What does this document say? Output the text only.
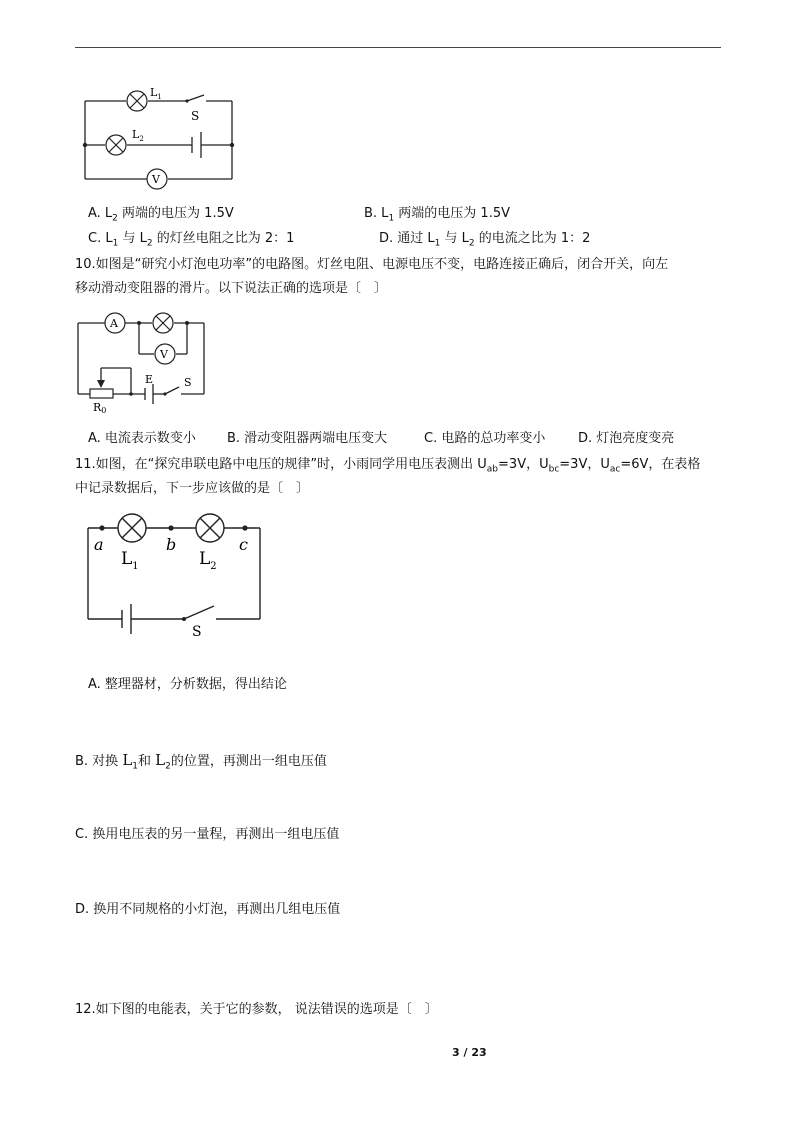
V
$L_1$
S
$L_2$
A. $L_2$ 两端的电压为 1.5V	B. $L_1$ 两端的电压为 1.5V
C. $L_1$ 与 $L_2$ 的灯丝电阻之比为 2：1	D. 通过 $L_1$ 与 $L_2$ 的电流之比为 1：2
10.如图是“研究小灯泡电功率”的电路图。灯丝电阻、电源电压不变，电路连接正确后，闭合开关，向左
移动滑动变阻器的滑片。以下说法正确的选项是〔　〕
A
V
E	S
R0
A. 电流表示数变小 B. 滑动变阻器两端电压变大	C. 电路的总功率变小	D. 灯泡亮度变亮
11.如图，在“探究串联电路中电压的规律”时，小雨同学用电压表测出 $U_{ab}=3V$，$U_{bc}=3V$，$U_{ac}=6V$，在表格
中记录数据后，下一步应该做的是〔　〕
a	b	c
$L_1$	$L_2$
S
A. 整理器材，分析数据，得出结论
B. 对换 $L_1$和 $L_2$的位置，再测出一组电压值
C. 换用电压表的另一量程，再测出一组电压值
D. 换用不同规格的小灯泡，再测出几组电压值
12.如下图的电能表，关于它的参数， 说法错误的选项是〔　〕
3 / 23
